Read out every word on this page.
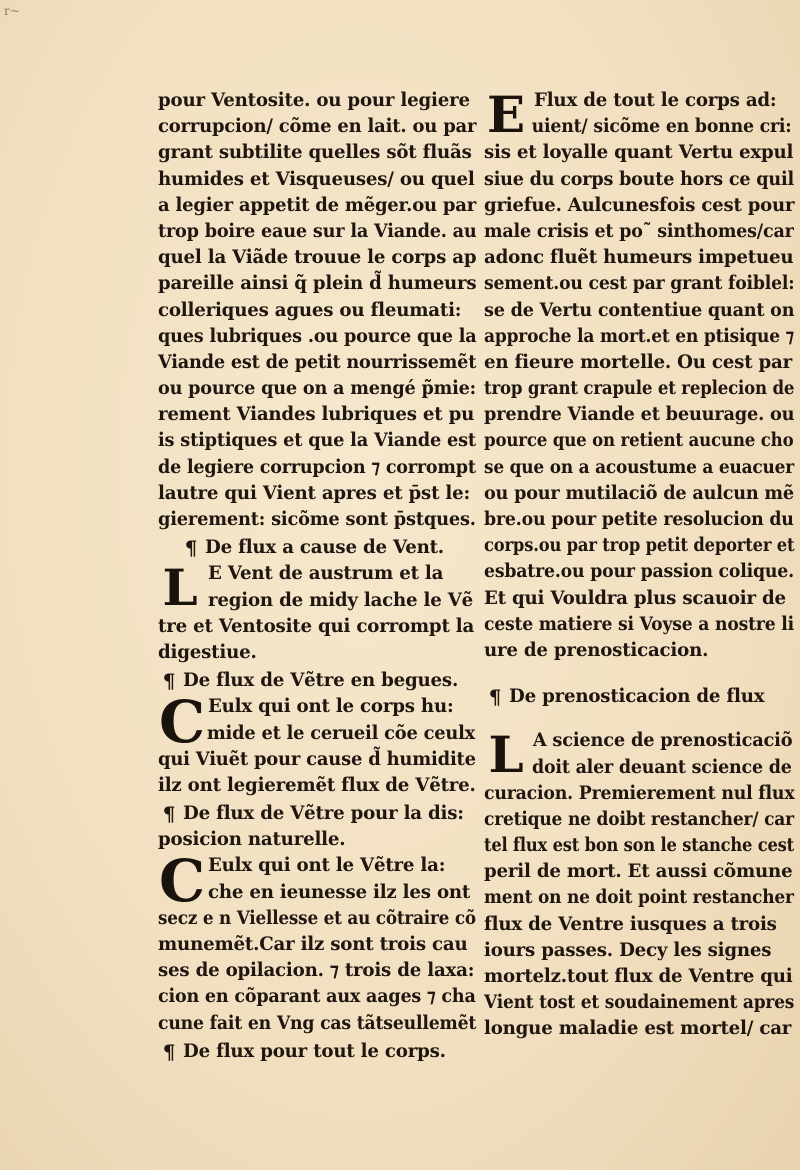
r~
pour Ventosite. ou pour legiere
corrupcion/ cõme en lait. ou par
grant subtilite quelles sõt fluãs
humides et Visqueuses/ ou quel
a legier appetit de mẽger.ou par
trop boire eaue sur la Viande. au
quel la Viãde trouue le corps ap
pareille ainsi q̃ plein d̃ humeurs
colleriques agues ou fleumati:
ques lubriques .ou pource que la
Viande est de petit nourrissemẽt
ou pource que on a mengé p̃mie:
rement Viandes lubriques et pu
is stiptiques et que la Viande est
de legiere corrupcion ⁊ corrompt
lautre qui Vient apres et p̄st le:
gierement: sicõme sont p̄stques.
¶ De flux a cause de Vent.
L E Vent de austrum et la
region de midy lache le Vẽ
tre et Ventosite qui corrompt la
digestiue.
¶ De flux de Vẽtre en begues.
C Eulx qui ont le corps hu:
mide et le cerueil cõe ceulx
qui Viuẽt pour cause d̃ humidite
ilz ont legieremẽt flux de Vẽtre.
¶ De flux de Vẽtre pour la dis:
posicion naturelle.
C Eulx qui ont le Vẽtre la:
che en ieunesse ilz les ont
secz e n Viellesse et au cõtraire cõ
munemẽt.Car ilz sont trois cau
ses de opilacion. ⁊ trois de laxa:
cion en cõparant aux aages ⁊ cha
cune fait en Vng cas tãtseullemẽt
¶ De flux pour tout le corps.
E Flux de tout le corps ad:
uient/ sicõme en bonne cri:
sis et loyalle quant Vertu expul
siue du corps boute hors ce quil
griefue. Aulcunesfois cest pour
male crisis et po˜ sinthomes/car
adonc fluẽt humeurs impetueu
sement.ou cest par grant foiblel:
se de Vertu contentiue quant on
approche la mort.et en ptisique ⁊
en fieure mortelle. Ou cest par
trop grant crapule et replecion de
prendre Viande et beuurage. ou
pource que on retient aucune cho
se que on a acoustume a euacuer
ou pour mutilaciõ de aulcun mẽ
bre.ou pour petite resolucion du
corps.ou par trop petit deporter et
esbatre.ou pour passion colique.
Et qui Vouldra plus scauoir de
ceste matiere si Voyse a nostre li
ure de prenosticacion.
¶ De prenosticacion de flux
L A science de prenosticaciõ
doit aler deuant science de
curacion. Premierement nul flux
cretique ne doibt restancher/ car
tel flux est bon son le stanche cest
peril de mort. Et aussi cõmune
ment on ne doit point restancher
flux de Ventre iusques a trois
iours passes. Decy les signes
mortelz.tout flux de Ventre qui
Vient tost et soudainement apres
longue maladie est mortel/ car
